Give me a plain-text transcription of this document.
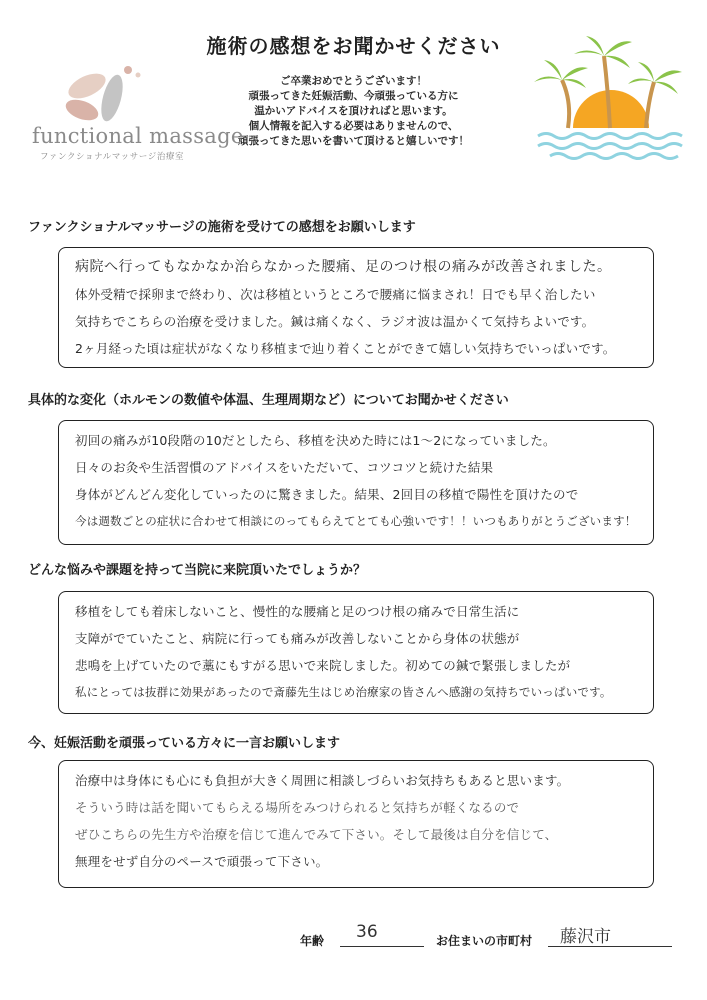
施術の感想をお聞かせください
ご卒業おめでとうございます！
頑張ってきた妊娠活動、今頑張っている方に
温かいアドバイスを頂ければと思います。
個人情報を記入する必要はありませんので、
頑張ってきた思いを書いて頂けると嬉しいです！
functional massage
ファンクショナルマッサージ治療室
ファンクショナルマッサージの施術を受けての感想をお願いします
病院へ行ってもなかなか治らなかった腰痛、足のつけ根の痛みが改善されました。
体外受精で採卵まで終わり、次は移植というところで腰痛に悩まされ！日でも早く治したい
気持ちでこちらの治療を受けました。鍼は痛くなく、ラジオ波は温かくて気持ちよいです。
2ヶ月経った頃は症状がなくなり移植まで辿り着くことができて嬉しい気持ちでいっぱいです。
具体的な変化（ホルモンの数値や体温、生理周期など）についてお聞かせください
初回の痛みが10段階の10だとしたら、移植を決めた時には1〜2になっていました。
日々のお灸や生活習慣のアドバイスをいただいて、コツコツと続けた結果
身体がどんどん変化していったのに驚きました。結果、2回目の移植で陽性を頂けたので
今は週数ごとの症状に合わせて相談にのってもらえてとても心強いです！！いつもありがとうございます！
どんな悩みや課題を持って当院に来院頂いたでしょうか？
移植をしても着床しないこと、慢性的な腰痛と足のつけ根の痛みで日常生活に
支障がでていたこと、病院に行っても痛みが改善しないことから身体の状態が
悲鳴を上げていたので藁にもすがる思いで来院しました。初めての鍼で緊張しましたが
私にとっては抜群に効果があったので斎藤先生はじめ治療家の皆さんへ感謝の気持ちでいっぱいです。
今、妊娠活動を頑張っている方々に一言お願いします
治療中は身体にも心にも負担が大きく周囲に相談しづらいお気持ちもあると思います。
そういう時は話を聞いてもらえる場所をみつけられると気持ちが軽くなるので
ぜひこちらの先生方や治療を信じて進んでみて下さい。そして最後は自分を信じて、
無理をせず自分のペースで頑張って下さい。
年齢 36	お住まいの市町村 藤沢市
